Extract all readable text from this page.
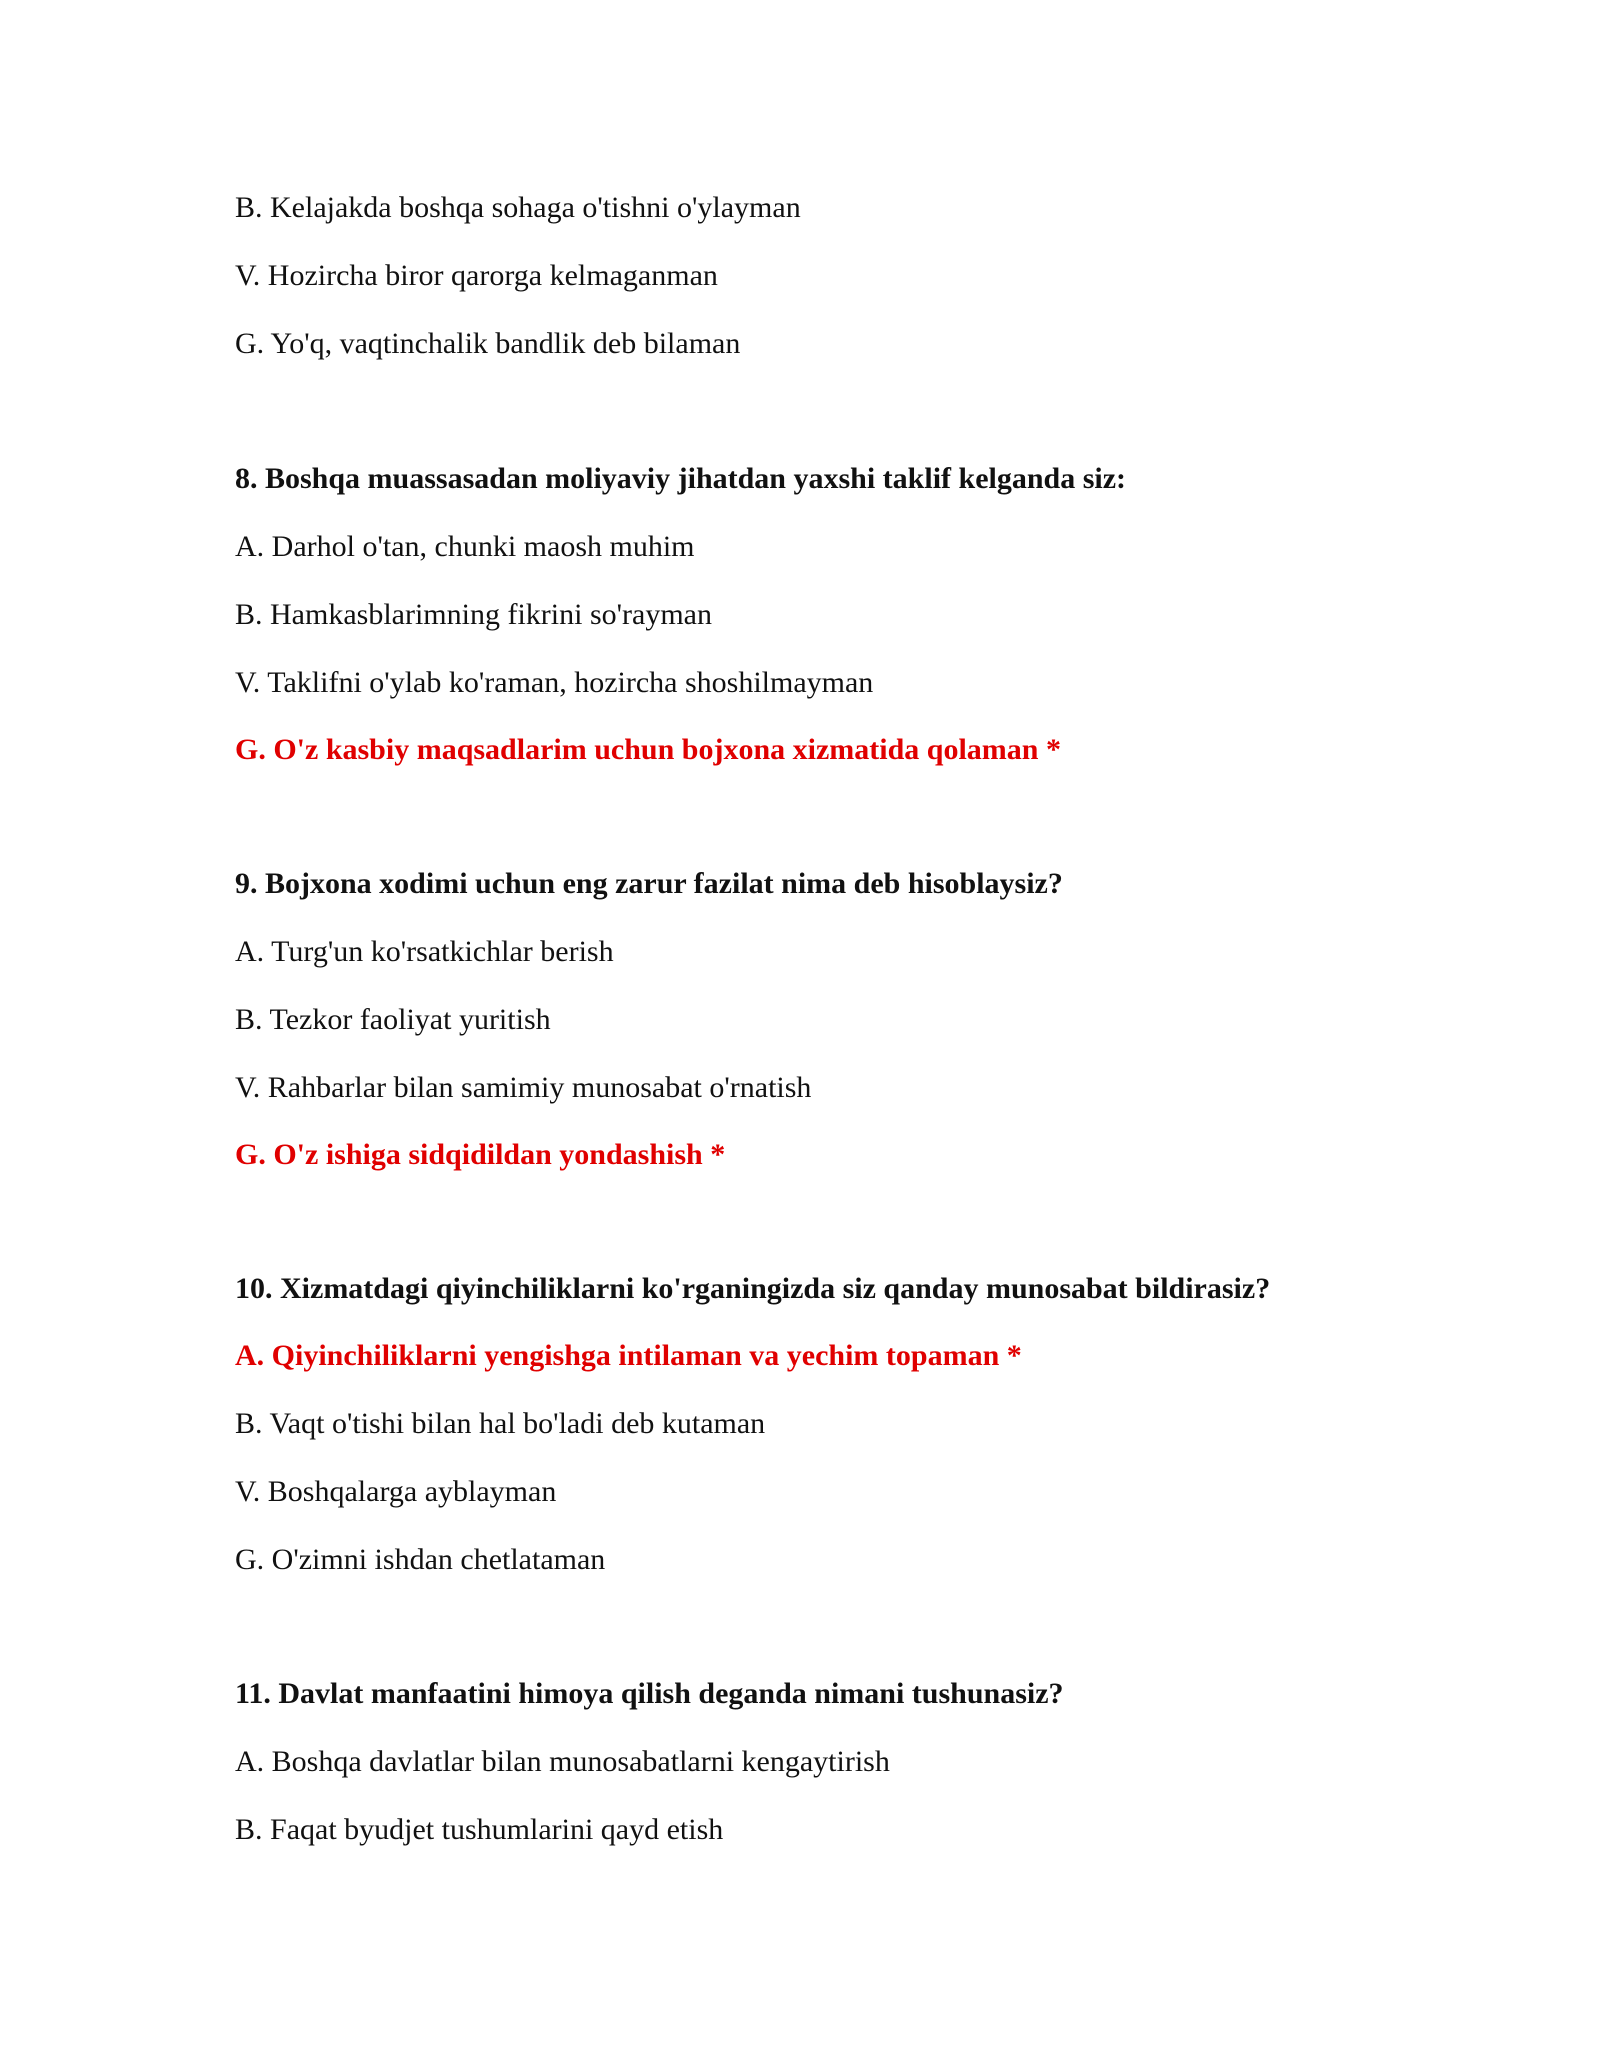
B. Kelajakda boshqa sohaga o'tishni o'ylayman
V. Hozircha biror qarorga kelmaganman
G. Yo'q, vaqtinchalik bandlik deb bilaman
8. Boshqa muassasadan moliyaviy jihatdan yaxshi taklif kelganda siz:
A. Darhol o'tan, chunki maosh muhim
B. Hamkasblarimning fikrini so'rayman
V. Taklifni o'ylab ko'raman, hozircha shoshilmayman
G. O'z kasbiy maqsadlarim uchun bojxona xizmatida qolaman *
9. Bojxona xodimi uchun eng zarur fazilat nima deb hisoblaysiz?
A. Turg'un ko'rsatkichlar berish
B. Tezkor faoliyat yuritish
V. Rahbarlar bilan samimiy munosabat o'rnatish
G. O'z ishiga sidqidildan yondashish *
10. Xizmatdagi qiyinchiliklarni ko'rganingizda siz qanday munosabat bildirasiz?
A. Qiyinchiliklarni yengishga intilaman va yechim topaman *
B. Vaqt o'tishi bilan hal bo'ladi deb kutaman
V. Boshqalarga ayblayman
G. O'zimni ishdan chetlataman
11. Davlat manfaatini himoya qilish deganda nimani tushunasiz?
A. Boshqa davlatlar bilan munosabatlarni kengaytirish
B. Faqat byudjet tushumlarini qayd etish
